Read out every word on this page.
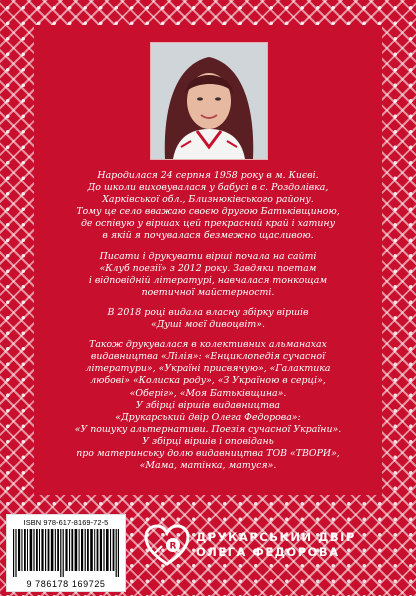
Народилася 24 серпня 1958 року в м. Києві.
До школи виховувалася у бабусі в с. Роздолівка,
Харківської обл., Близнюківського району.
Тому це село вважаю своєю другою Батьківщиною,
де оспівую у віршах цей прекрасний край і хатину
в якій я почувалася безмежно щасливою.

Писати і друкувати вірші почала на сайті
«Клуб поезії» з 2012 року. Завдяки поетам
і відповідній літературі, навчалася тонкощам
поетичної майстерності.

В 2018 році видала власну збірку віршів
«Душі моєї дивоцвіт».

Також друкувалася в колективних альманахах
видавництва «Лілія»: «Енциклопедія сучасної
літератури», «Україні присвячую», «Галактика
любові» «Колиска роду», «З Україною в серці»,
«Оберіг», «Моя Батьківщина».
У збірці віршів видавництва
«Друкарський двір Олега Федорова»:
«У пошуку альтернативи. Поезія сучасної України».
У збірці віршів і оповідань
про материнську долю видавництва ТОВ «ТВОРИ»,
«Мама, матінка, матуся».

ISBN 978-617-8169-72-5
9 786178 169725
R
ДРУКАРСЬКИЙ ДВІР
ОЛЕГА ФЕДОРОВА
